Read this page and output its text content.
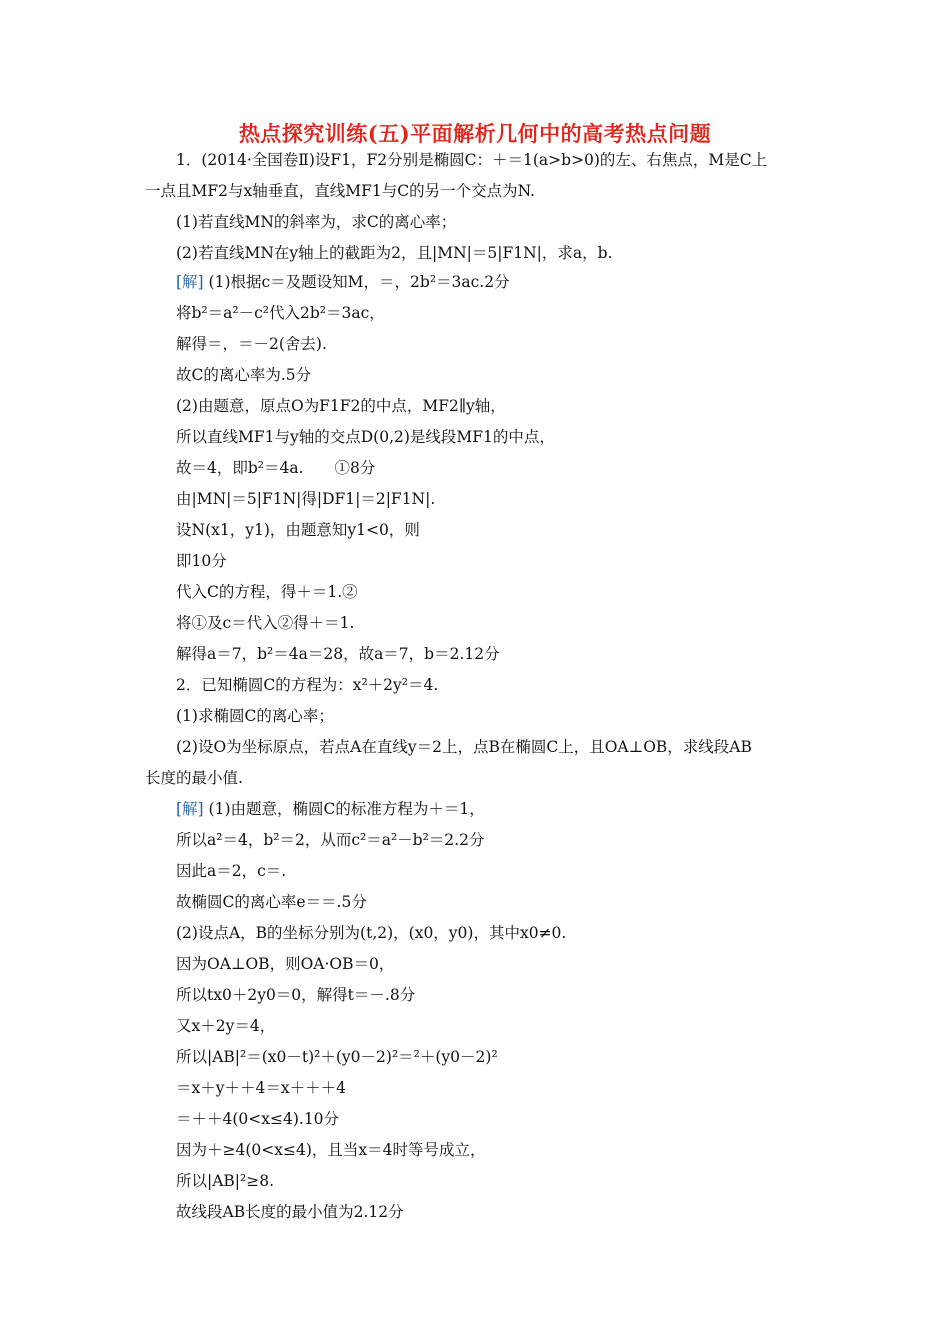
热点探究训练(五)平面解析几何中的高考热点问题
1．(2014·全国卷Ⅱ)设F1，F2分别是椭圆C：＋＝1(a>b>0)的左、右焦点，M是C上
一点且MF2与x轴垂直，直线MF1与C的另一个交点为N.
(1)若直线MN的斜率为，求C的离心率；
(2)若直线MN在y轴上的截距为2，且|MN|＝5|F1N|，求a，b.
[解] (1)根据c＝及题设知M，＝，2b²＝3ac.2分
将b²＝a²－c²代入2b²＝3ac，
解得＝，＝－2(舍去).
故C的离心率为.5分
(2)由题意，原点O为F1F2的中点，MF2∥y轴，
所以直线MF1与y轴的交点D(0,2)是线段MF1的中点，
故＝4，即b²＝4a.　　①8分
由|MN|＝5|F1N|得|DF1|＝2|F1N|.
设N(x1，y1)，由题意知y1<0，则
即10分
代入C的方程，得＋＝1.②
将①及c＝代入②得＋＝1.
解得a＝7，b²＝4a＝28，故a＝7，b＝2.12分
2．已知椭圆C的方程为：x²＋2y²＝4.
(1)求椭圆C的离心率；
(2)设O为坐标原点，若点A在直线y＝2上，点B在椭圆C上，且OA⊥OB，求线段AB
长度的最小值.
[解] (1)由题意，椭圆C的标准方程为＋＝1，
所以a²＝4，b²＝2，从而c²＝a²－b²＝2.2分
因此a＝2，c＝.
故椭圆C的离心率e＝＝.5分
(2)设点A，B的坐标分别为(t,2)，(x0，y0)，其中x0≠0.
因为OA⊥OB，则OA·OB＝0，
所以tx0＋2y0＝0，解得t＝－.8分
又x＋2y＝4，
所以|AB|²＝(x0－t)²＋(y0－2)²＝²＋(y0－2)²
＝x＋y＋＋4＝x＋＋＋4
＝＋＋4(0<x≤4).10分
因为＋≥4(0<x≤4)，且当x＝4时等号成立，
所以|AB|²≥8.
故线段AB长度的最小值为2.12分
